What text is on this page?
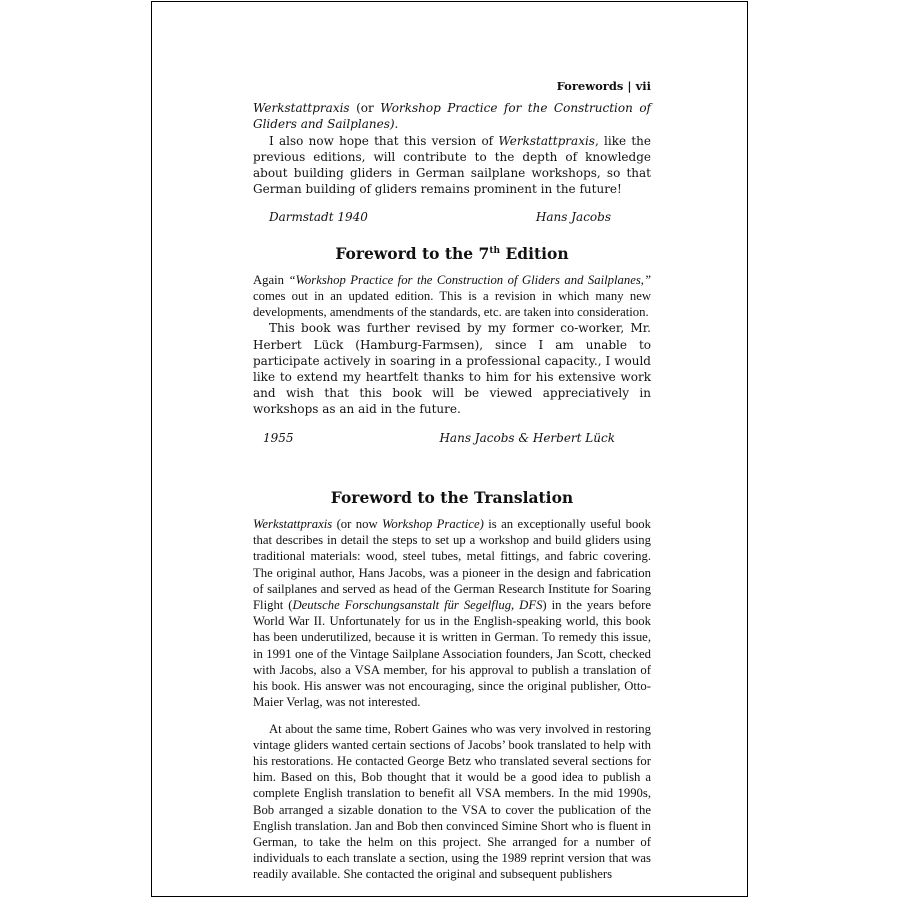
Forewords | vii

Werkstattpraxis (or Workshop Practice for the Construction of Gliders and Sailplanes).

I also now hope that this version of Werkstattpraxis, like the previous editions, will contribute to the depth of knowledge about building gliders in German sailplane workshops, so that German building of gliders remains prominent in the future!

Darmstadt 1940	Hans Jacobs
Foreword to the 7th Edition

Again “Workshop Practice for the Construction of Gliders and Sailplanes,” comes out in an updated edition. This is a revision in which many new developments, amendments of the standards, etc. are taken into consideration.

This book was further revised by my former co-worker, Mr. Herbert Lück (Hamburg-Farmsen), since I am unable to participate actively in soaring in a professional capacity., I would like to extend my heartfelt thanks to him for his extensive work and wish that this book will be viewed appreciatively in workshops as an aid in the future.

1955	Hans Jacobs & Herbert Lück
Foreword to the Translation

Werkstattpraxis (or now Workshop Practice) is an exceptionally useful book that describes in detail the steps to set up a workshop and build gliders using traditional materials: wood, steel tubes, metal fittings, and fabric covering. The original author, Hans Jacobs, was a pioneer in the design and fabrication of sailplanes and served as head of the German Research Institute for Soaring Flight (Deutsche Forschungsanstalt für Segelflug, DFS) in the years before World War II. Unfortunately for us in the English-speaking world, this book has been underutilized, because it is written in German. To remedy this issue, in 1991 one of the Vintage Sailplane Association founders, Jan Scott, checked with Jacobs, also a VSA member, for his approval to publish a translation of his book. His answer was not encouraging, since the original publisher, Otto-Maier Verlag, was not interested.

At about the same time, Robert Gaines who was very involved in restoring vintage gliders wanted certain sections of Jacobs’ book translated to help with his restorations. He contacted George Betz who translated several sections for him. Based on this, Bob thought that it would be a good idea to publish a complete English translation to benefit all VSA members. In the mid 1990s, Bob arranged a sizable donation to the VSA to cover the publication of the English translation. Jan and Bob then convinced Simine Short who is fluent in German, to take the helm on this project. She arranged for a number of individuals to each translate a section, using the 1989 reprint version that was readily available. She contacted the original and subsequent publishers
